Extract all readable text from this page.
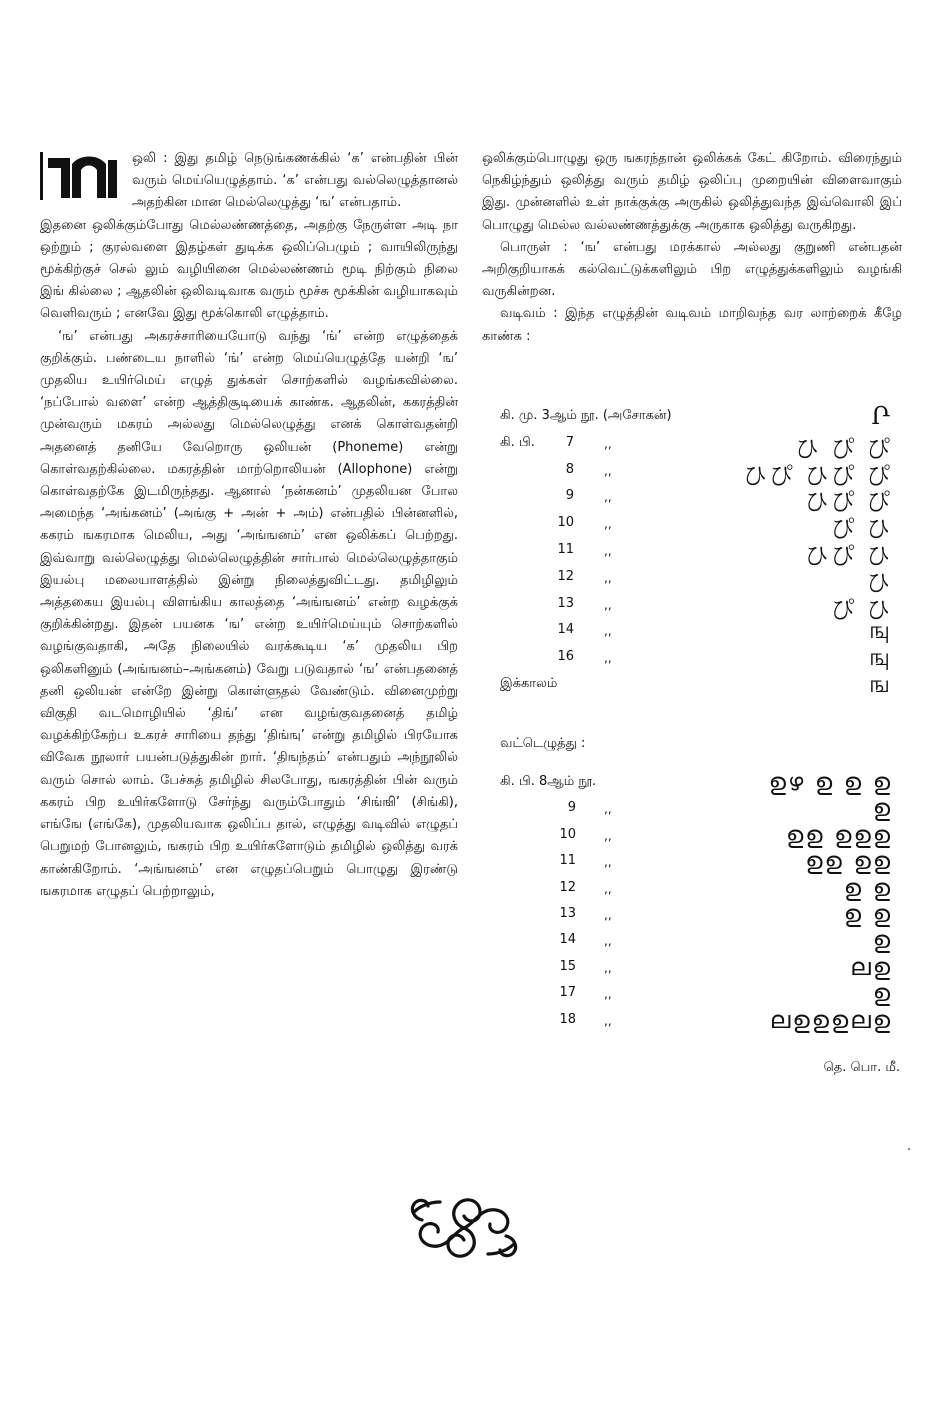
ஒலி : இது தமிழ் நெடுங்கணக்கில் ‘க’ என்பதின் பின் வரும் மெய்யெழுத்தாம். ‘க’ என்பது வல்லெழுத்தானல் அதற்கின மான மெல்லெழுத்து ‘ங’ என்பதாம்.

இதனை ஒலிக்கும்போது மெல்லண்ணத்தை, அதற்கு நேருள்ள அடி நா ஒற்றும் ; குரல்வளை இதழ்கள் துடிக்க ஒலிப்பெழும் ; வாயிலிருந்து மூக்கிற்குச் செல் லும் வழியினை மெல்லண்ணம் மூடி நிற்கும் நிலை இங் கில்லை ; ஆதலின் ஒலிவடிவாக வரும் மூச்சு மூக்கின் வழியாகவும் வெளிவரும் ; எனவே இது மூக்கொலி எழுத்தாம்.

‘ங’ என்பது அகரச்சாரியையோடு வந்து ‘ங்’ என்ற எழுத்தைக் குறிக்கும். பண்டைய நாளில் ‘ங்’ என்ற மெய்யெழுத்தே யன்றி ‘ங’ முதலிய உயிர்மெய் எழுத் துக்கள் சொற்களில் வழங்கவில்லை. ‘நப்போல் வளை’ என்ற ஆத்திசூடியைக் காண்க. ஆதலின், ககரத்தின் முன்வரும் மகரம் அல்லது மெல்லெழுத்து எனக் கொள்வதன்றி அதனைத் தனியே வேறொரு ஒலியன் (Phoneme) என்று கொள்வதற்கில்லை. மகரத்தின் மாற்றொலியன் (Allophone) என்று கொள்வதற்கே இடமிருந்தது. ஆனால் ‘நன்கனம்’ முதலியன போல அமைந்த ‘அங்கனம்’ (அங்கு + அன் + அம்) என்பதில் பின்னளில், ககரம் ஙகரமாக மெலிய, அது ‘அங்ஙனம்’ என ஒலிக்கப் பெற்றது. இவ்வாறு வல்லெழுத்து மெல்லெழுத்தின் சார்பால் மெல்லெழுத்தாகும் இயல்பு மலையாளத்தில் இன்று நிலைத்துவிட்டது. தமிழிலும் அத்தகைய இயல்பு விளங்கிய காலத்தை ‘அங்ஙனம்’ என்ற வழக்குக் குறிக்கின்றது. இதன் பயனக ‘ங’ என்ற உயிர்மெய்யும் சொற்களில் வழங்குவதாகி, அதே நிலையில் வரக்கூடிய ‘க’ முதலிய பிற ஒலிகளினும் (அங்ஙனம்–அங்கனம்) வேறு படுவதால் ‘ங’ என்பதனைத் தனி ஒலியன் என்றே இன்று கொள்ளுதல் வேண்டும். வினைமுற்று விகுதி வடமொழியில் ‘திங்’ என வழங்குவதனைத் தமிழ் வழக்கிற்கேற்ப உகரச் சாரியை தந்து ‘திங்ஙு’ என்று தமிழில் பிரயோக விவேக நூலார் பயன்படுத்துகின் றார். ‘திஙந்தம்’ என்பதும் அந்நூலில் வரும் சொல் லாம். பேச்சுத் தமிழில் சிலபோது, ஙகரத்தின் பின் வரும் ககரம் பிற உயிர்களோடு சேர்ந்து வரும்போதும் ‘சிங்ஙி’ (சிங்கி), எங்ஙே (எங்கே), முதலியவாக ஒலிப்ப தால், எழுத்து வடிவில் எழுதப் பெறுமற் போனலும், ஙகரம் பிற உயிர்களோடும் தமிழில் ஒலித்து வரக் காண்கிறோம். ‘அங்ஙனம்’ என எழுதப்பெறும் பொழுது இரண்டு ஙகரமாக எழுதப் பெற்றாலும்,

ஒலிக்கும்பொழுது ஒரு ஙகரந்தான் ஒலிக்கக் கேட் கிறோம். விரைந்தும் நெகிழ்ந்தும் ஒலித்து வரும் தமிழ் ஒலிப்பு முறையின் விளைவாகும் இது. முன்னளில் உள் நாக்குக்கு அருகில் ஒலித்துவந்த இவ்வொலி இப் பொழுது மெல்ல வல்லண்ணத்துக்கு அருகாக ஒலித்து வருகிறது.

பொருள் : ‘ங’ என்பது மரக்கால் அல்லது குறுணி என்பதன் அறிகுறியாகக் கல்வெட்டுக்களிலும் பிற எழுத்துக்களிலும் வழங்கி வருகின்றன.

வடிவம் : இந்த எழுத்தின் வடிவம் மாறிவந்த வர லாற்றைக் கீழே காண்க :

கி. மு. 3ஆம் நூ. (அசோகன்)	Ր
கி. பி.	7	,,	ひ ぴ ぴ
8	,,	ひぴ ひぴ ぴ
9	,,	ひぴ ぴ
10	,,	ぴ ひ
11	,,	ひぴ ひ
12	,,	ひ
13	,,	ぴ ひ
14	,,	ஙு
16	,,	ஙு
இக்காலம்	ங
வட்டெழுத்து :
கி. பி. 8ஆம் நூ.	ഉഴ ഉ ഉ ഉ
9 ,,	ഉ
10 ,,	ഉഉ ഉഉഉ
11 ,,	ഉഉ ഉഉ
12 ,,	ഉ ഉ
13 ,,	ഉ ഉ
14 ,,	ഉ
15 ,,	ലഉ
17 ,,	ഉ
18 ,,	ലഉഉഉലഉ
தெ. பொ. மீ.
